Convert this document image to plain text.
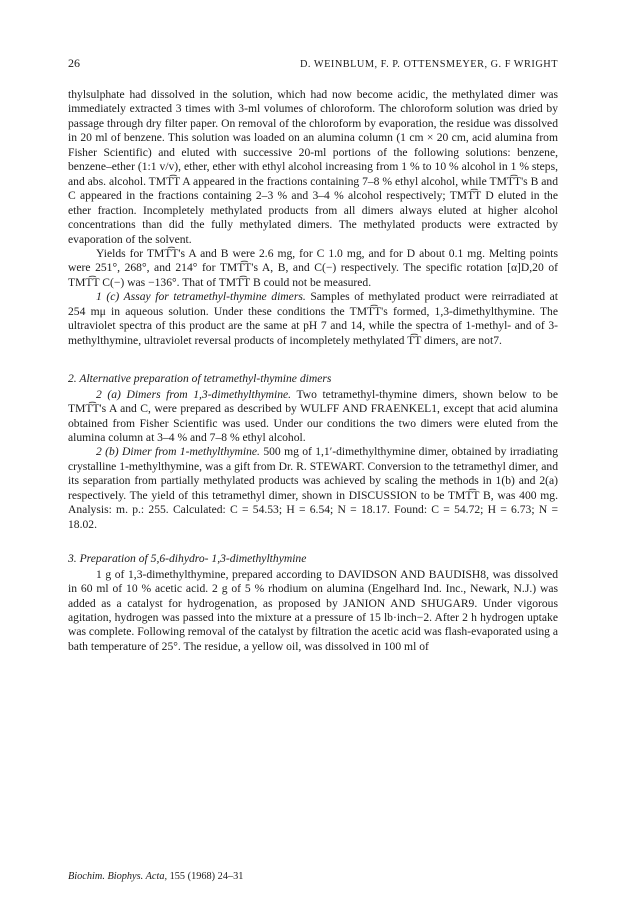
26	D. WEINBLUM, F. P. OTTENSMEYER, G. F WRIGHT

thylsulphate had dissolved in the solution, which had now become acidic, the methylated dimer was immediately extracted 3 times with 3-ml volumes of chloroform. The chloroform solution was dried by passage through dry filter paper. On removal of the chloroform by evaporation, the residue was dissolved in 20 ml of benzene. This solution was loaded on an alumina column (1 cm × 20 cm, acid alumina from Fisher Scientific) and eluted with successive 20-ml portions of the following solutions: benzene, benzene–ether (1:1 v/v), ether, ether with ethyl alcohol increasing from 1 % to 10 % alcohol in 1 % steps, and abs. alcohol. TMT͡T A appeared in the fractions containing 7–8 % ethyl alcohol, while TMT͡T's B and C appeared in the fractions containing 2–3 % and 3–4 % alcohol respectively; TMT͡T D eluted in the ether fraction. Incompletely methylated products from all dimers always eluted at higher alcohol concentrations than did the fully methylated dimers. The methylated products were extracted by evaporation of the solvent.

Yields for TMT͡T's A and B were 2.6 mg, for C 1.0 mg, and for D about 0.1 mg. Melting points were 251°, 268°, and 214° for TMT͡T's A, B, and C(−) respectively. The specific rotation [α]D,20 of TMT͡T C(−) was −136°. That of TMT͡T B could not be measured.

1 (c) Assay for tetramethyl-thymine dimers. Samples of methylated product were reirradiated at 254 mμ in aqueous solution. Under these conditions the TMT͡T's formed, 1,3-dimethylthymine. The ultraviolet spectra of this product are the same at pH 7 and 14, while the spectra of 1-methyl- and of 3-methylthymine, ultraviolet reversal products of incompletely methylated T͡T dimers, are not7.

2. Alternative preparation of tetramethyl-thymine dimers

2 (a) Dimers from 1,3-dimethylthymine. Two tetramethyl-thymine dimers, shown below to be TMT͡T's A and C, were prepared as described by WULFF AND FRAENKEL1, except that acid alumina obtained from Fisher Scientific was used. Under our conditions the two dimers were eluted from the alumina column at 3–4 % and 7–8 % ethyl alcohol.

2 (b) Dimer from 1-methylthymine. 500 mg of 1,1′-dimethylthymine dimer, obtained by irradiating crystalline 1-methylthymine, was a gift from Dr. R. STEWART. Conversion to the tetramethyl dimer, and its separation from partially methylated products was achieved by scaling the methods in 1(b) and 2(a) respectively. The yield of this tetramethyl dimer, shown in DISCUSSION to be TMT͡T B, was 400 mg. Analysis: m. p.: 255. Calculated: C = 54.53; H = 6.54; N = 18.17. Found: C = 54.72; H = 6.73; N = 18.02.

3. Preparation of 5,6-dihydro- 1,3-dimethylthymine

1 g of 1,3-dimethylthymine, prepared according to DAVIDSON AND BAUDISH8, was dissolved in 60 ml of 10 % acetic acid. 2 g of 5 % rhodium on alumina (Engelhard Ind. Inc., Newark, N.J.) was added as a catalyst for hydrogenation, as proposed by JANION AND SHUGAR9. Under vigorous agitation, hydrogen was passed into the mixture at a pressure of 15 lb·inch−2. After 2 h hydrogen uptake was complete. Following removal of the catalyst by filtration the acetic acid was flash-evaporated using a bath temperature of 25°. The residue, a yellow oil, was dissolved in 100 ml of

Biochim. Biophys. Acta, 155 (1968) 24–31
